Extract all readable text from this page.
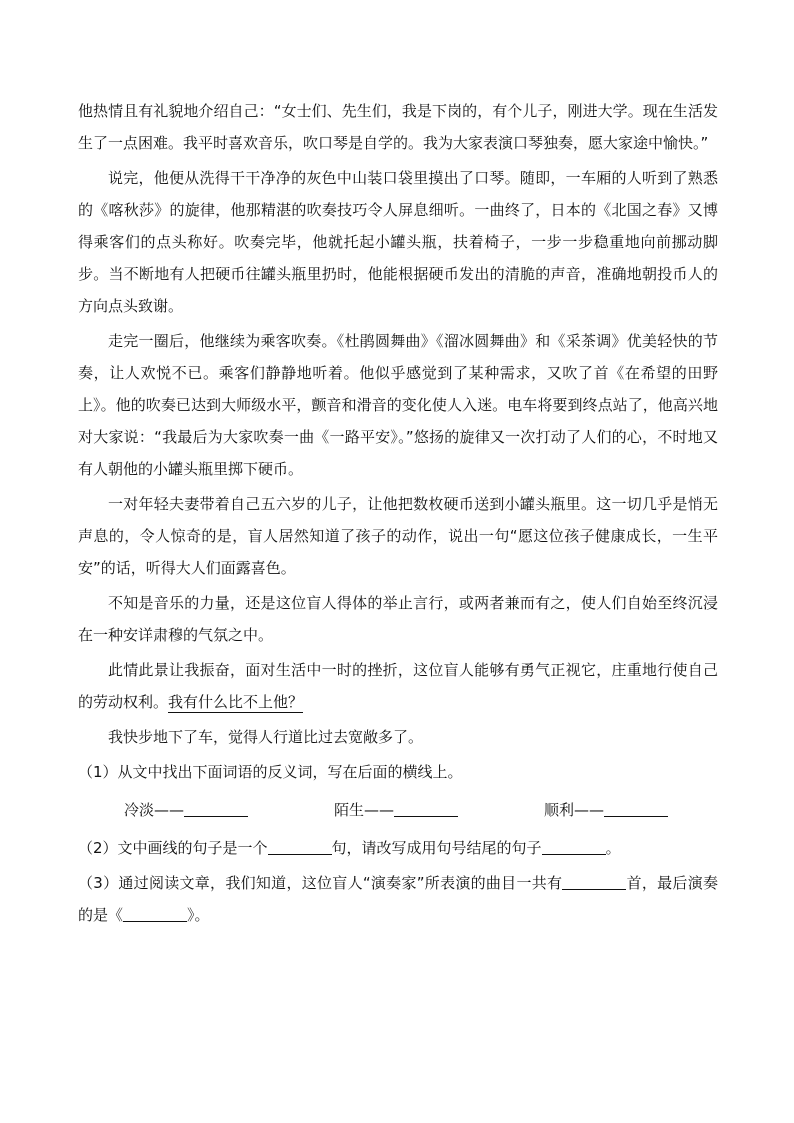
他热情且有礼貌地介绍自己：“女士们、先生们，我是下岗的，有个儿子，刚进大学。现在生活发生了一点困难。我平时喜欢音乐，吹口琴是自学的。我为大家表演口琴独奏，愿大家途中愉快。”

说完，他便从洗得干干净净的灰色中山装口袋里摸出了口琴。随即，一车厢的人听到了熟悉的《喀秋莎》的旋律，他那精湛的吹奏技巧令人屏息细听。一曲终了，日本的《北国之春》又博得乘客们的点头称好。吹奏完毕，他就托起小罐头瓶，扶着椅子，一步一步稳重地向前挪动脚步。当不断地有人把硬币往罐头瓶里扔时，他能根据硬币发出的清脆的声音，准确地朝投币人的方向点头致谢。

走完一圈后，他继续为乘客吹奏。《杜鹃圆舞曲》《溜冰圆舞曲》和《采茶调》优美轻快的节奏，让人欢悦不已。乘客们静静地听着。他似乎感觉到了某种需求，又吹了首《在希望的田野上》。他的吹奏已达到大师级水平，颤音和滑音的变化使人入迷。电车将要到终点站了，他高兴地对大家说：“我最后为大家吹奏一曲《一路平安》。”悠扬的旋律又一次打动了人们的心，不时地又有人朝他的小罐头瓶里掷下硬币。

一对年轻夫妻带着自己五六岁的儿子，让他把数枚硬币送到小罐头瓶里。这一切几乎是悄无声息的，令人惊奇的是，盲人居然知道了孩子的动作，说出一句“愿这位孩子健康成长，一生平安”的话，听得大人们面露喜色。

不知是音乐的力量，还是这位盲人得体的举止言行，或两者兼而有之，使人们自始至终沉浸在一种安详肃穆的气氛之中。

此情此景让我振奋，面对生活中一时的挫折，这位盲人能够有勇气正视它，庄重地行使自己的劳动权利。我有什么比不上他？

我快步地下了车，觉得人行道比过去宽敞多了。

（1）从文中找出下面词语的反义词，写在后面的横线上。

冷淡——	陌生——	顺利——

（2）文中画线的句子是一个	句，请改写成用句号结尾的句子	。

（3）通过阅读文章，我们知道，这位盲人“演奏家”所表演的曲目一共有	首，最后演奏的是《	》。
